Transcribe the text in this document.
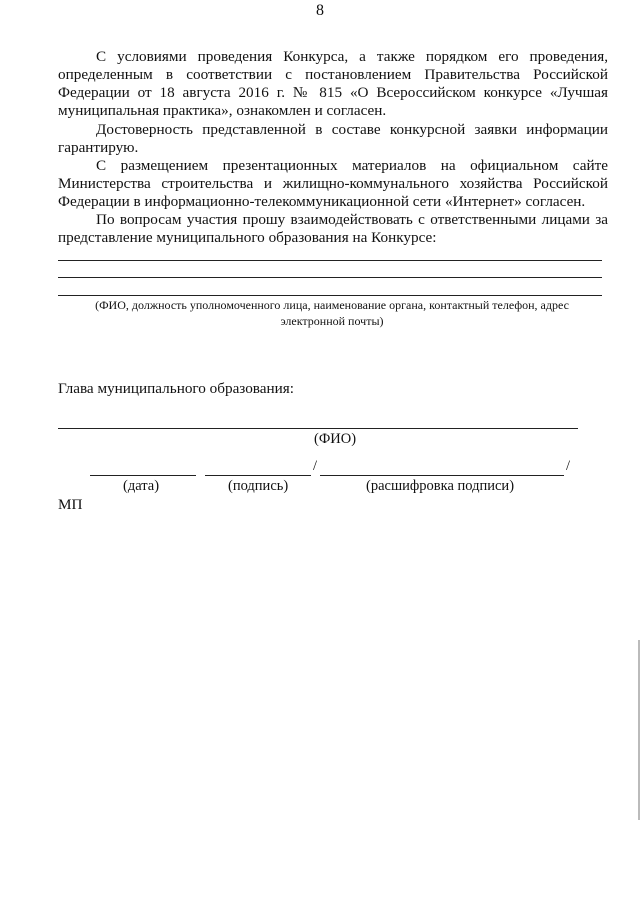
8

С условиями проведения Конкурса, а также порядком его проведения, определенным в соответствии с постановлением Правительства Российской Федерации от 18 августа 2016 г. № 815 «О Всероссийском конкурсе «Лучшая муниципальная практика», ознакомлен и согласен.

Достоверность представленной в составе конкурсной заявки информации гарантирую.

С размещением презентационных материалов на официальном сайте Министерства строительства и жилищно-коммунального хозяйства Российской Федерации в информационно-телекоммуникационной сети «Интернет» согласен.

По вопросам участия прошу взаимодействовать с ответственными лицами за представление муниципального образования на Конкурсе:

(ФИО, должность уполномоченного лица, наименование органа, контактный телефон, адрес электронной почты)
Глава муниципального образования:
(ФИО)
/	/
(дата)	(подпись)	(расшифровка подписи)
МП
